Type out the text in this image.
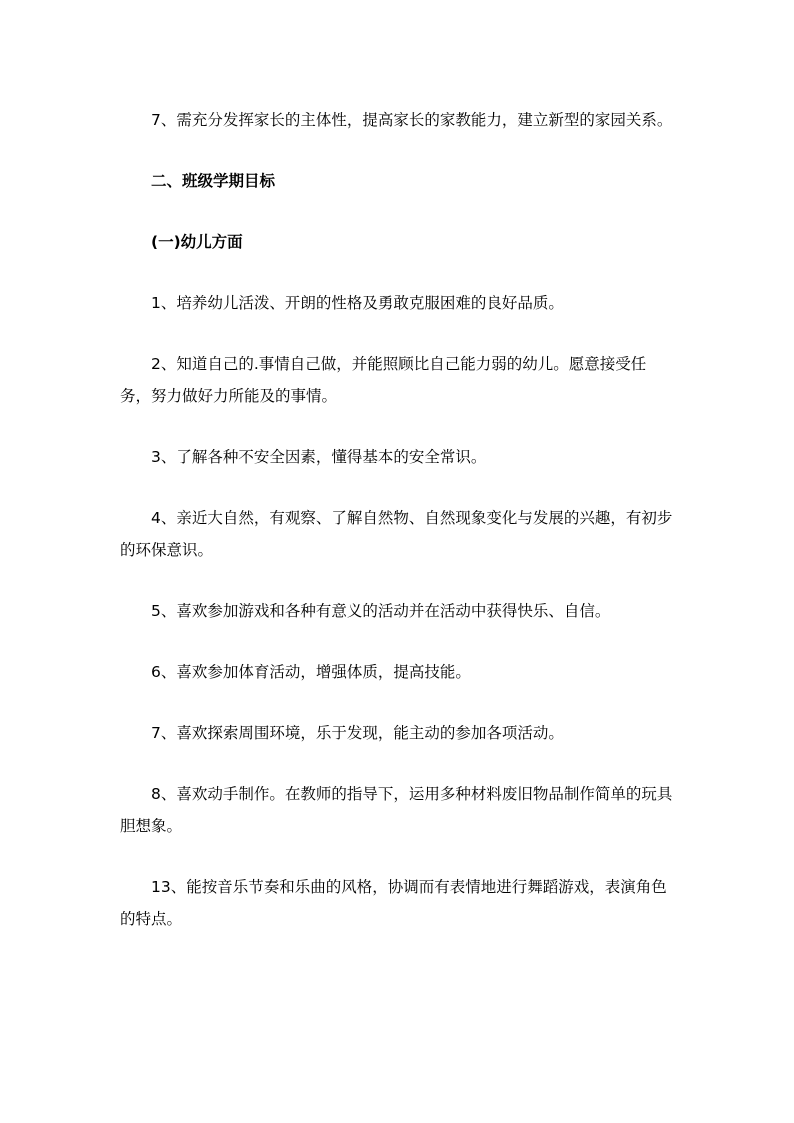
7、需充分发挥家长的主体性，提高家长的家教能力，建立新型的家园关系。

二、班级学期目标

(一)幼儿方面

1、培养幼儿活泼、开朗的性格及勇敢克服困难的良好品质。

2、知道自己的.事情自己做，并能照顾比自己能力弱的幼儿。愿意接受任务，努力做好力所能及的事情。

3、了解各种不安全因素，懂得基本的安全常识。

4、亲近大自然，有观察、了解自然物、自然现象变化与发展的兴趣，有初步的环保意识。

5、喜欢参加游戏和各种有意义的活动并在活动中获得快乐、自信。

6、喜欢参加体育活动，增强体质，提高技能。

7、喜欢探索周围环境，乐于发现，能主动的参加各项活动。

8、喜欢动手制作。在教师的指导下，运用多种材料废旧物品制作简单的玩具胆想象。

13、能按音乐节奏和乐曲的风格，协调而有表情地进行舞蹈游戏，表演角色的特点。
